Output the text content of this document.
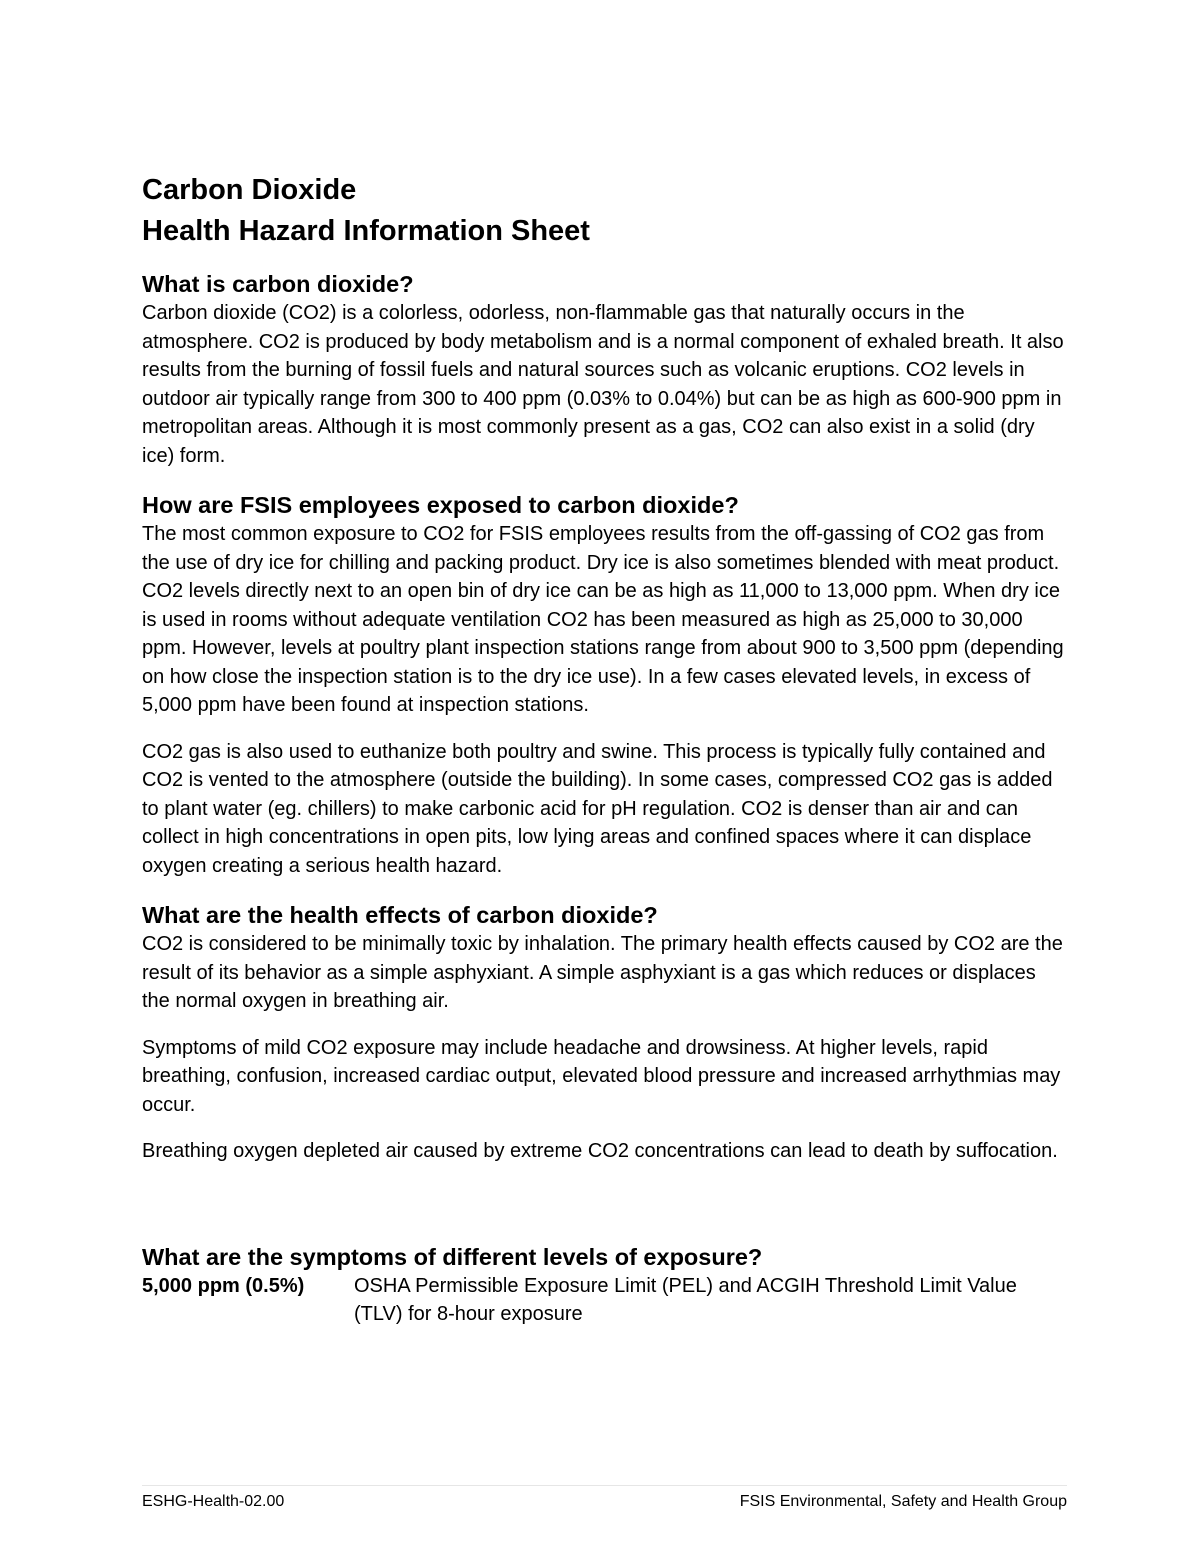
Carbon Dioxide
Health Hazard Information Sheet
What is carbon dioxide?

Carbon dioxide (CO2) is a colorless, odorless, non-flammable gas that naturally occurs in the atmosphere. CO2 is produced by body metabolism and is a normal component of exhaled breath. It also results from the burning of fossil fuels and natural sources such as volcanic eruptions. CO2 levels in outdoor air typically range from 300 to 400 ppm (0.03% to 0.04%) but can be as high as 600-900 ppm in metropolitan areas. Although it is most commonly present as a gas, CO2 can also exist in a solid (dry ice) form.

How are FSIS employees exposed to carbon dioxide?

The most common exposure to CO2 for FSIS employees results from the off-gassing of CO2 gas from the use of dry ice for chilling and packing product. Dry ice is also sometimes blended with meat product. CO2 levels directly next to an open bin of dry ice can be as high as 11,000 to 13,000 ppm. When dry ice is used in rooms without adequate ventilation CO2 has been measured as high as 25,000 to 30,000 ppm. However, levels at poultry plant inspection stations range from about 900 to 3,500 ppm (depending on how close the inspection station is to the dry ice use). In a few cases elevated levels, in excess of 5,000 ppm have been found at inspection stations.

CO2 gas is also used to euthanize both poultry and swine. This process is typically fully contained and CO2 is vented to the atmosphere (outside the building). In some cases, compressed CO2 gas is added to plant water (eg. chillers) to make carbonic acid for pH regulation. CO2 is denser than air and can collect in high concentrations in open pits, low lying areas and confined spaces where it can displace oxygen creating a serious health hazard.

What are the health effects of carbon dioxide?

CO2 is considered to be minimally toxic by inhalation. The primary health effects caused by CO2 are the result of its behavior as a simple asphyxiant. A simple asphyxiant is a gas which reduces or displaces the normal oxygen in breathing air.

Symptoms of mild CO2 exposure may include headache and drowsiness. At higher levels, rapid breathing, confusion, increased cardiac output, elevated blood pressure and increased arrhythmias may occur.

Breathing oxygen depleted air caused by extreme CO2 concentrations can lead to death by suffocation.

What are the symptoms of different levels of exposure?
5,000 ppm (0.5%)	OSHA Permissible Exposure Limit (PEL) and ACGIH Threshold Limit Value (TLV) for 8-hour exposure
ESHG-Health-02.00	FSIS Environmental, Safety and Health Group
